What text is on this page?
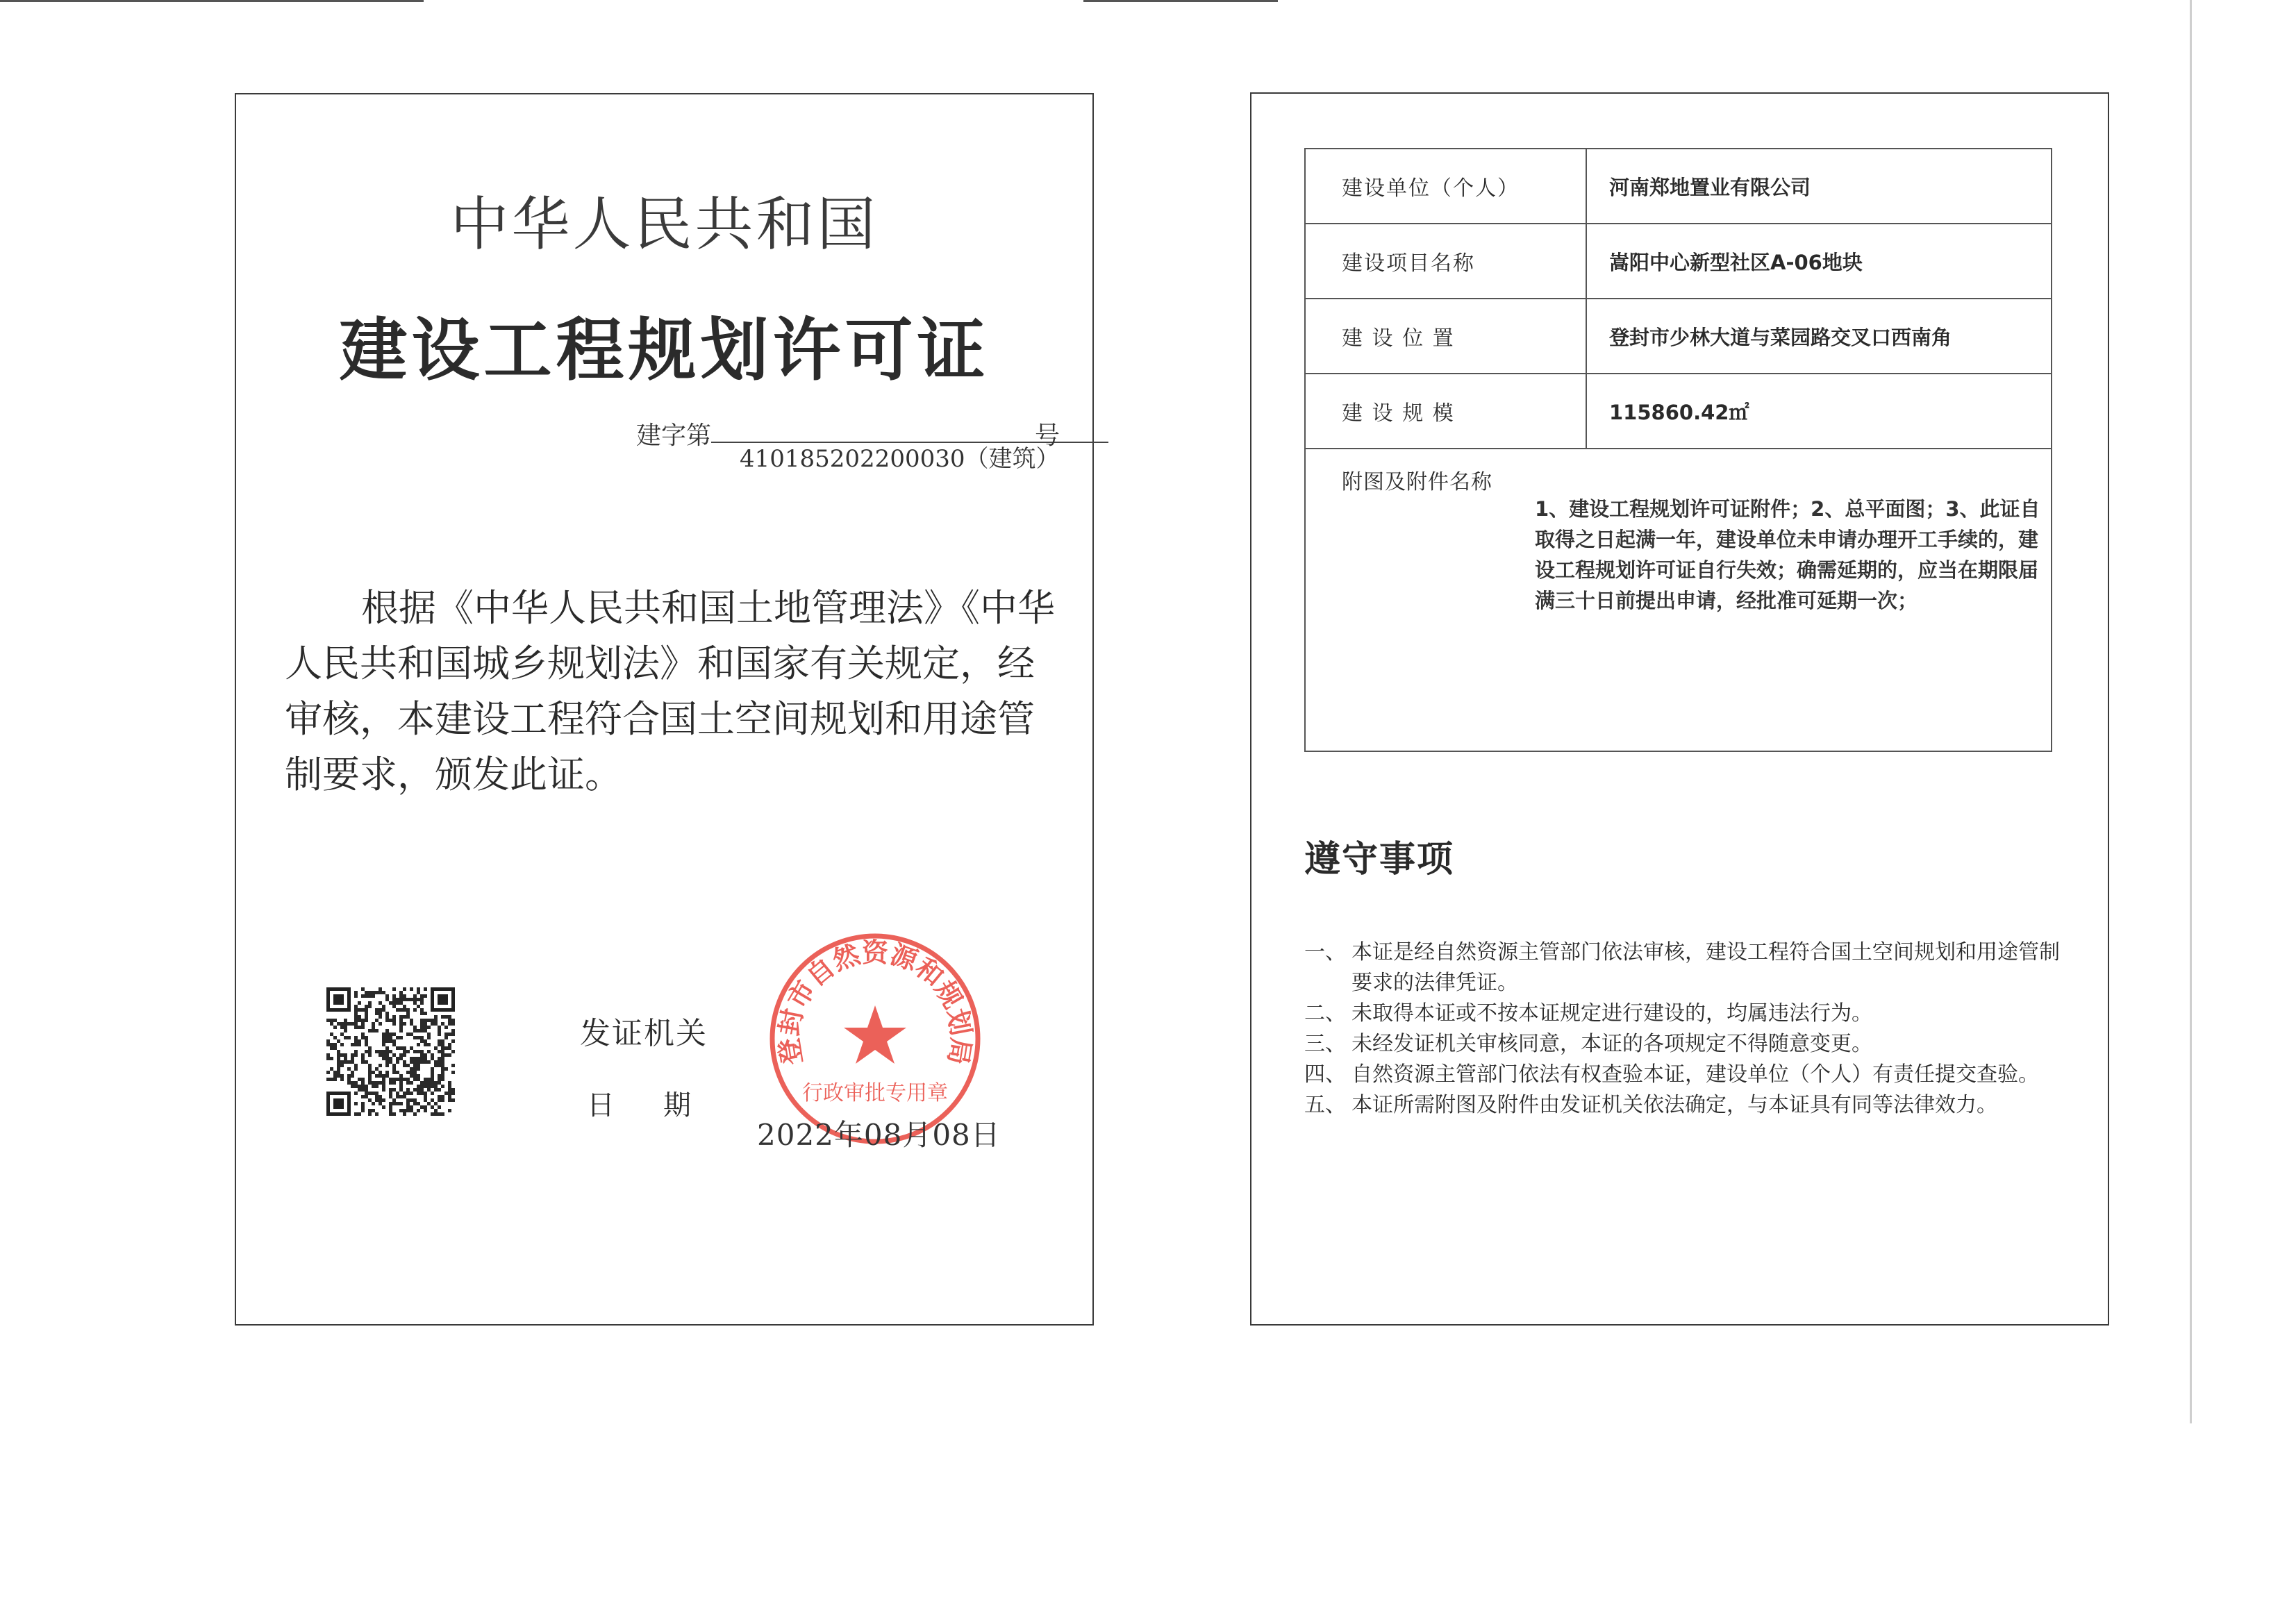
中华人民共和国
建设工程规划许可证
建字第
410185202200030（建筑）
号
根据《中华人民共和国土地管理法》《中华人民共和国城乡规划法》和国家有关规定，经审核，本建设工程符合国土空间规划和用途管制要求，颁发此证。
发证机关
日期
登封市自然资源和规划局
行政审批专用章
2022年08月08日
建设单位（个人）	河南郑地置业有限公司
建设项目名称	嵩阳中心新型社区A-06地块
建 设 位 置	登封市少林大道与菜园路交叉口西南角
建 设 规 模	115860.42㎡

附图及附件名称
1、建设工程规划许可证附件；2、总平面图；3、此证自取得之日起满一年，建设单位未申请办理开工手续的，建设工程规划许可证自行失效；确需延期的，应当在期限届满三十日前提出申请，经批准可延期一次；	
遵守事项
一、 本证是经自然资源主管部门依法审核，建设工程符合国土空间规划和用途管制要求的法律凭证。
二、 未取得本证或不按本证规定进行建设的，均属违法行为。
三、 未经发证机关审核同意，本证的各项规定不得随意变更。
四、 自然资源主管部门依法有权查验本证，建设单位（个人）有责任提交查验。
五、 本证所需附图及附件由发证机关依法确定，与本证具有同等法律效力。
